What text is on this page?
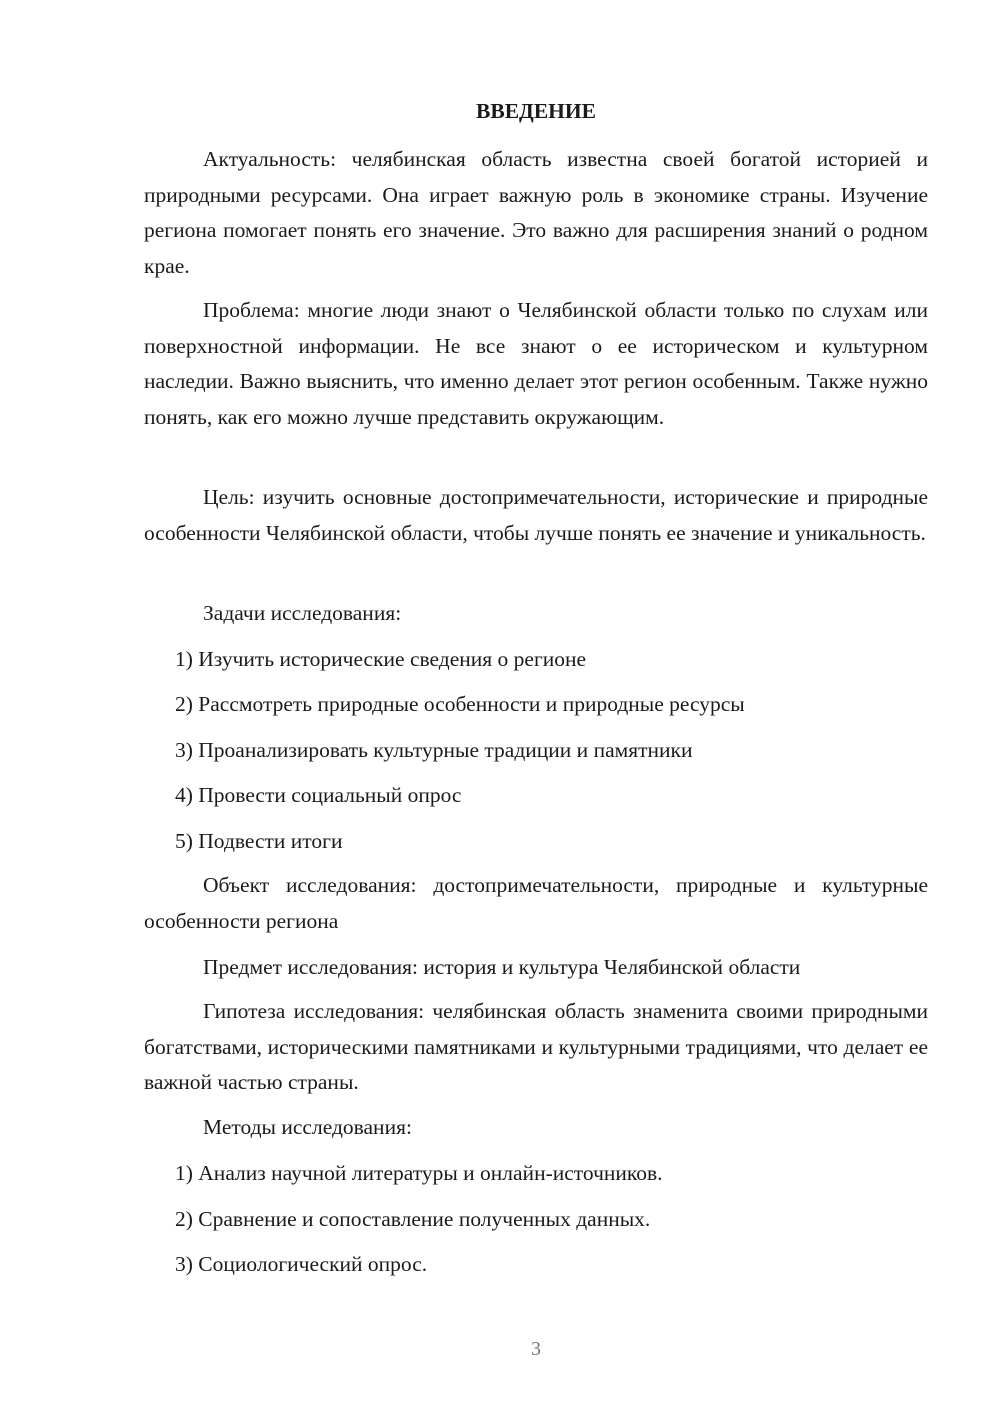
ВВЕДЕНИЕ

Актуальность: челябинская область известна своей богатой историей и природными ресурсами. Она играет важную роль в экономике страны. Изучение региона помогает понять его значение. Это важно для расширения знаний о родном крае.

Проблема: многие люди знают о Челябинской области только по слухам или поверхностной информации. Не все знают о ее историческом и культурном наследии. Важно выяснить, что именно делает этот регион особенным. Также нужно понять, как его можно лучше представить окружающим.

Цель: изучить основные достопримечательности, исторические и природные особенности Челябинской области, чтобы лучше понять ее значение и уникальность.

Задачи исследования:

1) Изучить исторические сведения о регионе

2) Рассмотреть природные особенности и природные ресурсы

3) Проанализировать культурные традиции и памятники

4) Провести социальный опрос

5) Подвести итоги

Объект исследования: достопримечательности, природные и культурные особенности региона

Предмет исследования: история и культура Челябинской области

Гипотеза исследования: челябинская область знаменита своими природными богатствами, историческими памятниками и культурными традициями, что делает ее важной частью страны.

Методы исследования:

1) Анализ научной литературы и онлайн-источников.

2) Сравнение и сопоставление полученных данных.

3) Социологический опрос.

3
